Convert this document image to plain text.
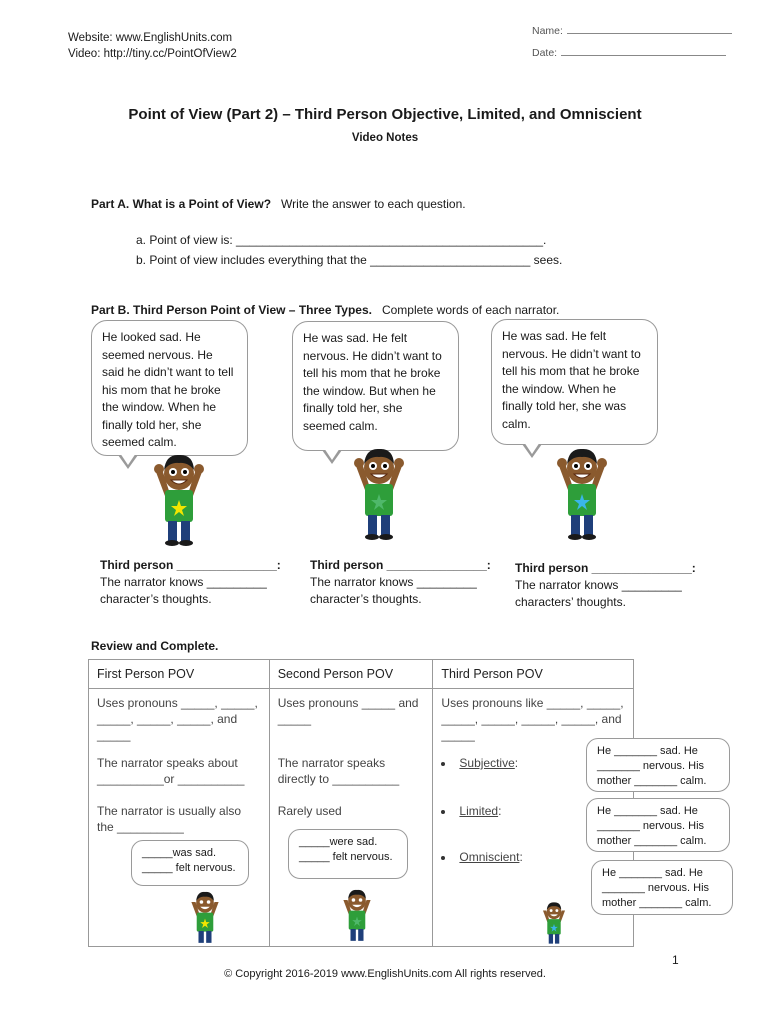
Website: www.EnglishUnits.com
Video: http://tiny.cc/PointOfView2
Name:
Date:
Point of View (Part 2) – Third Person Objective, Limited, and Omniscient
Video Notes
Part A. What is a Point of View? Write the answer to each question.
a. Point of view is: ______________________________________________.
b. Point of view includes everything that the ________________________ sees.
Part B. Third Person Point of View – Three Types. Complete words of each narrator.
He looked sad. He seemed nervous. He said he didn’t want to tell his mom that he broke the window. When he finally told her, she seemed calm.
He was sad. He felt nervous. He didn’t want to tell his mom that he broke the window. But when he finally told her, she seemed calm.
He was sad. He felt nervous. He didn’t want to tell his mom that he broke the window. When he finally told her, she was calm.
Third person _______________:
The narrator knows _________
character’s thoughts.
Third person _______________:
The narrator knows _________
character’s thoughts.
Third person _______________:
The narrator knows _________
characters’ thoughts.
Review and Complete.
First Person POV	Second Person POV	Third Person POV
Uses pronouns _____, _____, _____, _____, _____, and _____	Uses pronouns _____ and _____	Uses pronouns like _____, _____, _____, _____, _____, _____, and _____
The narrator speaks about __________or __________	The narrator speaks directly to __________	Subjective:
The narrator is usually also the __________	Rarely used	Limited:
		Omniscient:
_____was sad.
_____ felt nervous.
_____were sad.
_____ felt nervous.
He _______ sad. He
_______ nervous. His
mother _______ calm.
He _______ sad. He
_______ nervous. His
mother _______ calm.
He _______ sad. He
_______ nervous. His
mother _______ calm.
1
© Copyright 2016-2019 www.EnglishUnits.com All rights reserved.
